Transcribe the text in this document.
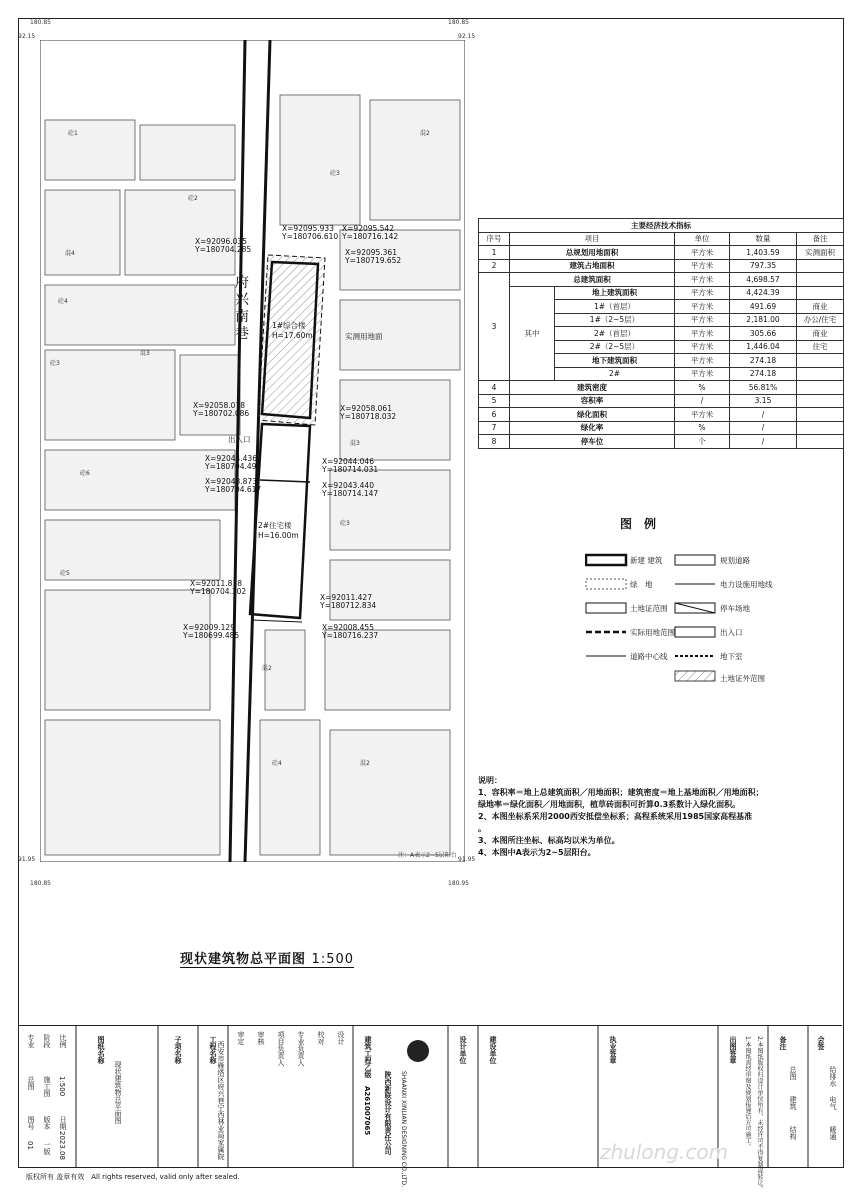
180.85
92.15
180.85
92.15
91.95
180.85
91.95
180.95
府兴南巷
1#综合楼
H=17.60m
2#住宅楼
H=16.00m
出入口
实测用地面
注：A表示2~5层阳台
X=92096.035
Y=180704.285
X=92095.933
Y=180706.610
X=92095.542
Y=180716.142
X=92095.361
Y=180719.652
X=92058.078
Y=180702.086
X=92058.061
Y=180718.032
X=92044.436
Y=180704.490
X=92044.046
Y=180714.031
X=92043.873
Y=180704.617	X=92043.440
Y=180714.147
X=92011.818
Y=180704.302
X=92011.427
Y=180712.834
X=92009.129
Y=180699.485
X=92008.455
Y=180716.237
砼1
砼4
砼3
砼2
混4
混3
砼5
砼3
混2
砼6
混2
砼3
砼4
混3
混2
主要经济技术指标					
序号	项目		单位	数量	备注
1	总规划用地面积		平方米	1,403.59	实测面积
2	建筑占地面积		平方米	797.35	
3	总建筑面积		平方米	4,698.57	
	其中	地上建筑面积	平方米	4,424.39	
		1#（首层）	平方米	491.69	商业
		1#（2~5层）	平方米	2,181.00	办公/住宅
		2#（首层）	平方米	305.66	商业
		2#（2~5层）	平方米	1,446.04	住宅
		地下建筑面积	平方米	274.18	
		2#	平方米	274.18	
4	建筑密度		%	56.81%	
5	容积率		/	3.15	
6	绿化面积		平方米	/	
7	绿化率		%	/	
8	停车位		个	/	
图　例
新建 建筑	规划道路
绿　地	电力设施用地线
土地证范围	停车场地
实际用地范围	出入口
道路中心线	地下室
土地证外范围
说明：
1、容积率＝地上总建筑面积／用地面积；建筑密度＝地上基地面积／用地面积；
绿地率＝绿化面积／用地面积，植草砖面积可折算0.3系数计入绿化面积。
2、本图坐标系采用2000西安抵偿坐标系；高程系统采用1985国家高程基准
。
3、本图所注坐标、标高均以米为单位。
4、本图中A表示为2~5层阳台。
现状建筑物总平面图 1:500
专业
总图
阶段
施工图
比例
1:500
图号
01
版本
一版
日期
2023.08
图纸名称
现状建筑物总平面图
子项名称	工程名称 西安市雁塔区府兴巷宁西林业局家属院
审定 审核 项目负责人 专业负责人 校对 设计	建筑工程乙级
A261007065 陕西新联设计有限责任公司 SHAANXI XINLIAN DESIGNING CO.,LTD.
设计单位	建设单位	执业签章	出图签章 1.本图纸需经审图及规划报建后方可施工。 2.本图纸版权归设计单位所有，未经许可不得复制或转让。 备注	会签
总图
建筑
结构
给排水
电气
暖通
版权所有 盖章有效　All rights reserved, valid only after sealed.
zhulong.com
